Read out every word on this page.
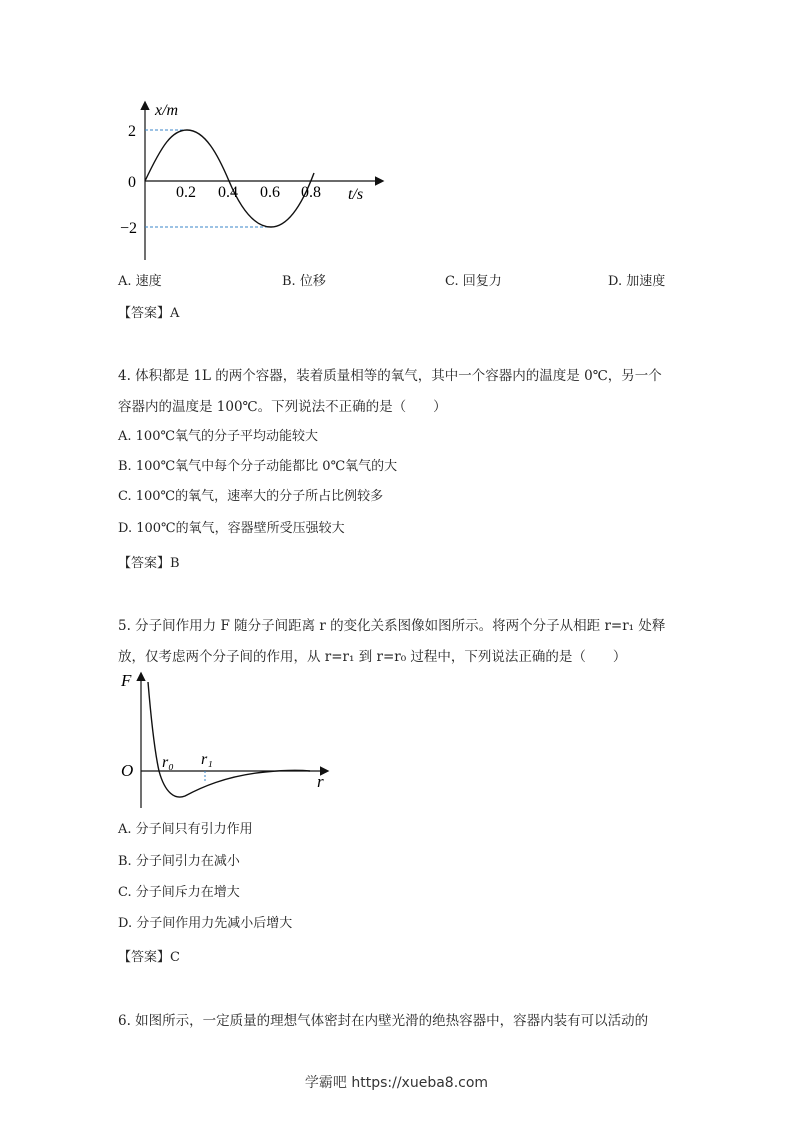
x/m
t/s
2
0
−2
0.2 0.4 0.6 0.8
A. 速度	B. 位移	C. 回复力	D. 加速度
【答案】A
4. 体积都是 1L 的两个容器，装着质量相等的氧气，其中一个容器内的温度是 0℃，另一个
容器内的温度是 100℃。下列说法不正确的是（　　）
A. 100℃氧气的分子平均动能较大
B. 100℃氧气中每个分子动能都比 0℃氧气的大
C. 100℃的氧气，速率大的分子所占比例较多
D. 100℃的氧气，容器壁所受压强较大
【答案】B
5. 分子间作用力 F 随分子间距离 r 的变化关系图像如图所示。将两个分子从相距 r=r₁ 处释
放，仅考虑两个分子间的作用，从 r=r₁ 到 r=r₀ 过程中，下列说法正确的是（　　）
F
r
O r₀ r₁
A. 分子间只有引力作用
B. 分子间引力在减小
C. 分子间斥力在增大
D. 分子间作用力先减小后增大
【答案】C
6. 如图所示，一定质量的理想气体密封在内壁光滑的绝热容器中，容器内装有可以活动的
学霸吧 https://xueba8.com
